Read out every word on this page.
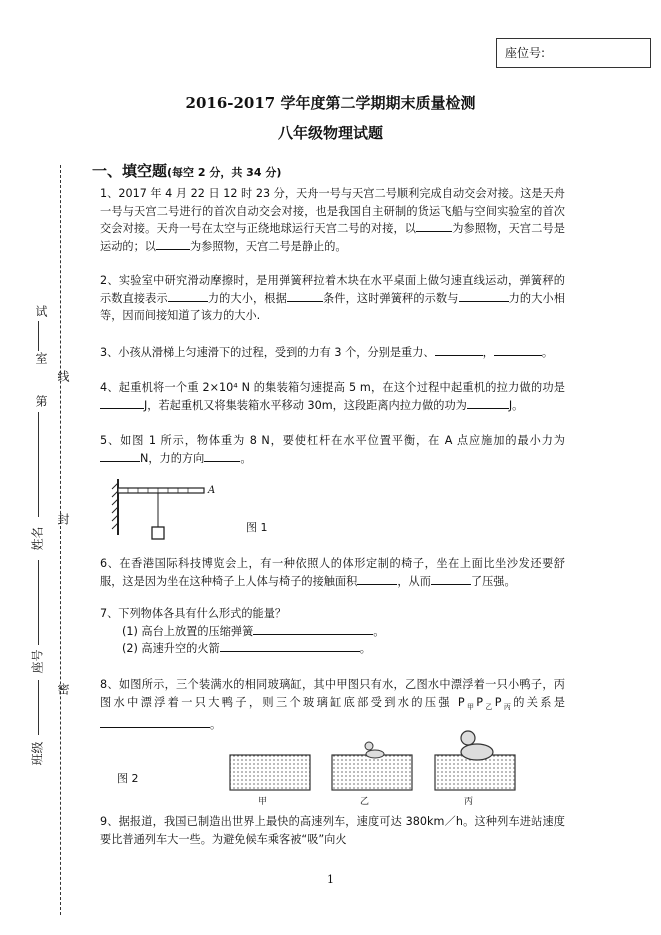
座位号:
2016-2017 学年度第二学期期末质量检测
八年级物理试题
一、填空题(每空 2 分，共 34 分)
试
室
线
第
姓名
封
座号
密
班级
1、2017 年 4 月 22 日 12 时 23 分，天舟一号与天宫二号顺利完成自动交会对接。这是天舟一号与天宫二号进行的首次自动交会对接，也是我国自主研制的货运飞船与空间实验室的首次交会对接。天舟一号在太空与正绕地球运行天宫二号的对接，以	为参照物，天宫二号是运动的；以	为参照物，天宫二号是静止的。
2、实验室中研究滑动摩擦时，是用弹簧秤拉着木块在水平桌面上做匀速直线运动，弹簧秤的示数直接表示	力的大小，根据	条件，这时弹簧秤的示数与	力的大小相等，因而间接知道了该力的大小.
3、小孩从滑梯上匀速滑下的过程，受到的力有 3 个，分别是重力、	，	。
4、起重机将一个重 2×10⁴ N 的集装箱匀速提高 5 m，在这个过程中起重机的拉力做的功是J，若起重机又将集装箱水平移动 30m，这段距离内拉力做的功为	J。
5、如图 1 所示，物体重为 8 N，要使杠杆在水平位置平衡，在 A 点应施加的最小力为N，力的方向	。
A
图 1
6、在香港国际科技博览会上，有一种依照人的体形定制的椅子，坐在上面比坐沙发还要舒服，这是因为坐在这种椅子上人体与椅子的接触面积	，从而	了压强。
7、下列物体各具有什么形式的能量？
(1) 高台上放置的压缩弹簧	。
(2) 高速升空的火箭	。
8、如图所示，三个装满水的相同玻璃缸，其中甲图只有水，乙图水中漂浮着一只小鸭子，丙图水中漂浮着一只大鸭子，则三个玻璃缸底部受到水的压强 $P_甲P_乙P_丙$的关系是。
图 2
甲	乙	丙
9、据报道，我国已制造出世界上最快的高速列车，速度可达 380km／h。这种列车进站速度要比普通列车大一些。为避免候车乘客被“吸”向火
1
